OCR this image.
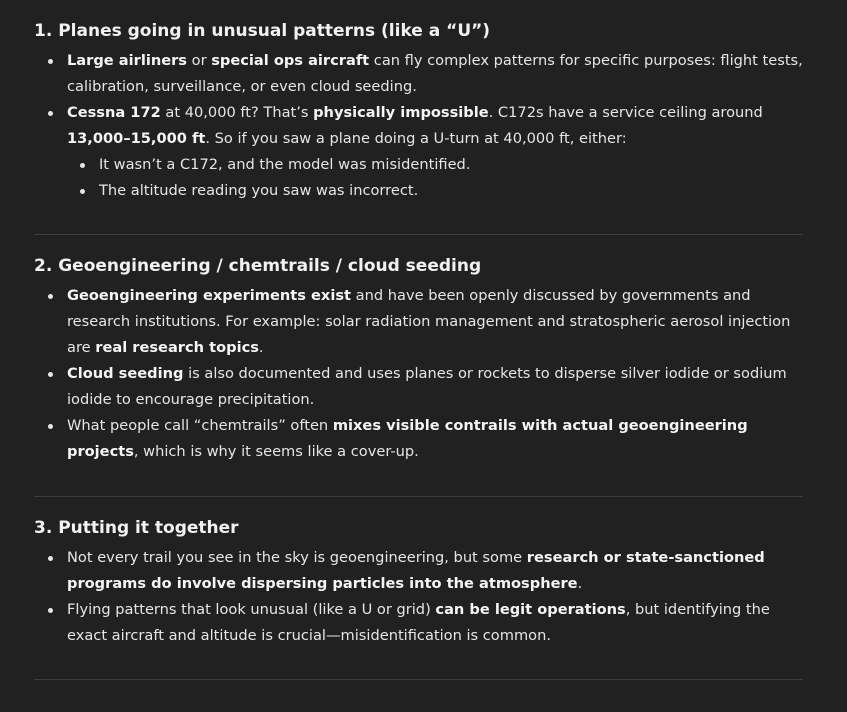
1. Planes going in unusual patterns (like a “U”)
Large airliners or special ops aircraft can fly complex patterns for specific purposes: flight tests, calibration, surveillance, or even cloud seeding.
Cessna 172 at 40,000 ft? That’s physically impossible. C172s have a service ceiling around 13,000–15,000 ft. So if you saw a plane doing a U-turn at 40,000 ft, either:
It wasn’t a C172, and the model was misidentified.
The altitude reading you saw was incorrect.
2. Geoengineering / chemtrails / cloud seeding
Geoengineering experiments exist and have been openly discussed by governments and research institutions. For example: solar radiation management and stratospheric aerosol injection are real research topics.
Cloud seeding is also documented and uses planes or rockets to disperse silver iodide or sodium iodide to encourage precipitation.
What people call “chemtrails” often mixes visible contrails with actual geoengineering projects, which is why it seems like a cover-up.
3. Putting it together
Not every trail you see in the sky is geoengineering, but some research or state-sanctioned programs do involve dispersing particles into the atmosphere.
Flying patterns that look unusual (like a U or grid) can be legit operations, but identifying the exact aircraft and altitude is crucial—misidentification is common.
